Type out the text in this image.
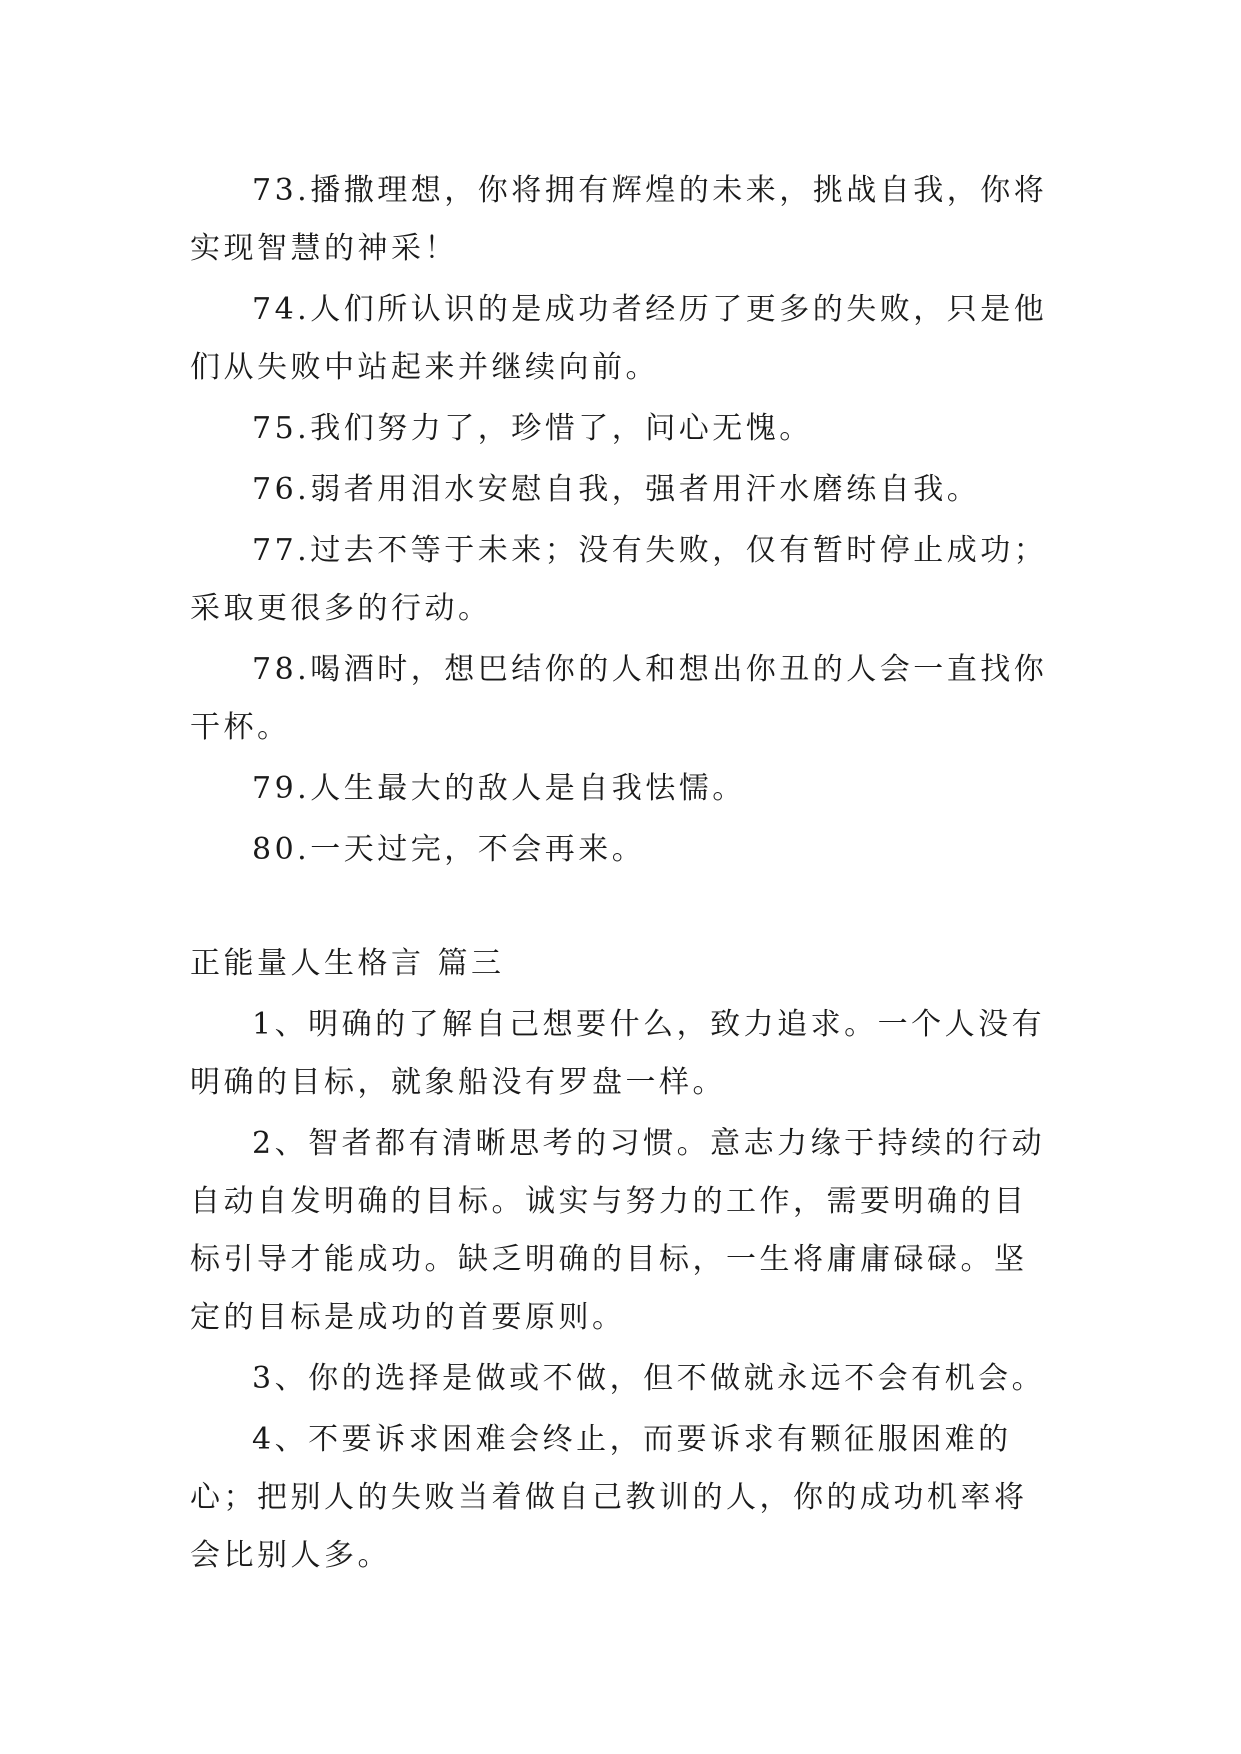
73.播撒理想，你将拥有辉煌的未来，挑战自我，你将实现智慧的神采！

74.人们所认识的是成功者经历了更多的失败，只是他们从失败中站起来并继续向前。

75.我们努力了，珍惜了，问心无愧。

76.弱者用泪水安慰自我，强者用汗水磨练自我。

77.过去不等于未来；没有失败，仅有暂时停止成功；采取更很多的行动。

78.喝酒时，想巴结你的人和想出你丑的人会一直找你干杯。

79.人生最大的敌人是自我怯懦。

80.一天过完，不会再来。

正能量人生格言 篇三

1、明确的了解自己想要什么，致力追求。一个人没有明确的目标，就象船没有罗盘一样。

2、智者都有清晰思考的习惯。意志力缘于持续的行动自动自发明确的目标。诚实与努力的工作，需要明确的目标引导才能成功。缺乏明确的目标，一生将庸庸碌碌。坚定的目标是成功的首要原则。

3、你的选择是做或不做，但不做就永远不会有机会。

4、不要诉求困难会终止，而要诉求有颗征服困难的心；把别人的失败当着做自己教训的人，你的成功机率将会比别人多。
